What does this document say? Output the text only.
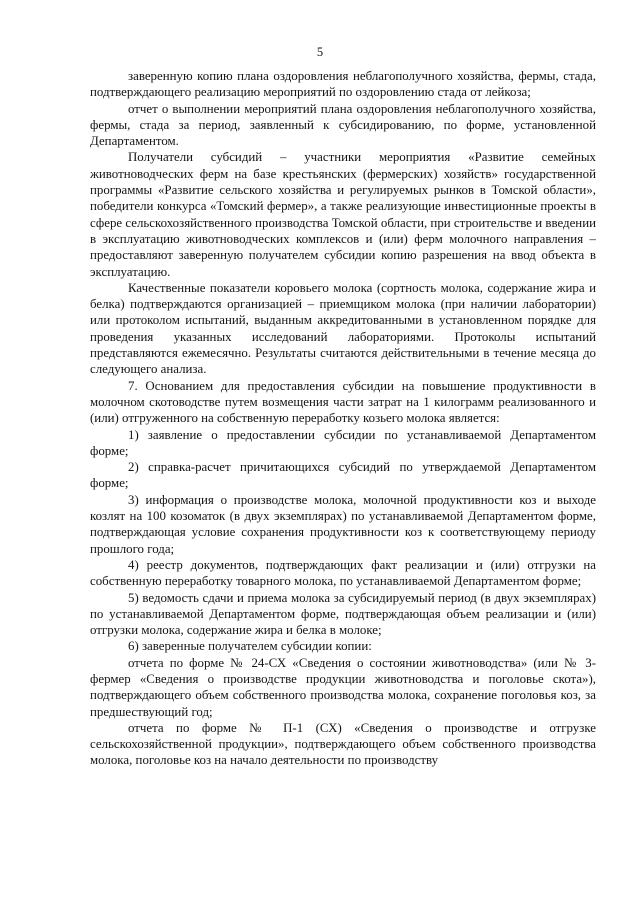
5

заверенную копию плана оздоровления неблагополучного хозяйства, фермы, стада, подтверждающего реализацию мероприятий по оздоровлению стада от лейкоза;

отчет о выполнении мероприятий плана оздоровления неблагополучного хозяйства, фермы, стада за период, заявленный к субсидированию, по форме, установленной Департаментом.

Получатели субсидий – участники мероприятия «Развитие семейных животноводческих ферм на базе крестьянских (фермерских) хозяйств» государственной программы «Развитие сельского хозяйства и регулируемых рынков в Томской области», победители конкурса «Томский фермер», а также реализующие инвестиционные проекты в сфере сельскохозяйственного производства Томской области, при строительстве и введении в эксплуатацию животноводческих комплексов и (или) ферм молочного направления – предоставляют заверенную получателем субсидии копию разрешения на ввод объекта в эксплуатацию.

Качественные показатели коровьего молока (сортность молока, содержание жира и белка) подтверждаются организацией – приемщиком молока (при наличии лаборатории) или протоколом испытаний, выданным аккредитованными в установленном порядке для проведения указанных исследований лабораториями. Протоколы испытаний представляются ежемесячно. Результаты считаются действительными в течение месяца до следующего анализа.

7. Основанием для предоставления субсидии на повышение продуктивности в молочном скотоводстве путем возмещения части затрат на 1 килограмм реализованного и (или) отгруженного на собственную переработку козьего молока является:

1) заявление о предоставлении субсидии по устанавливаемой Департаментом форме;

2) справка-расчет причитающихся субсидий по утверждаемой Департаментом форме;

3) информация о производстве молока, молочной продуктивности коз и выходе козлят на 100 козоматок (в двух экземплярах) по устанавливаемой Департаментом форме, подтверждающая условие сохранения продуктивности коз к соответствующему периоду прошлого года;

4) реестр документов, подтверждающих факт реализации и (или) отгрузки на собственную переработку товарного молока, по устанавливаемой Департаментом форме;

5) ведомость сдачи и приема молока за субсидируемый период (в двух экземплярах) по устанавливаемой Департаментом форме, подтверждающая объем реализации и (или) отгрузки молока, содержание жира и белка в молоке;

6) заверенные получателем субсидии копии:

отчета по форме № 24-СХ «Сведения о состоянии животноводства» (или № 3-фермер «Сведения о производстве продукции животноводства и поголовье скота»), подтверждающего объем собственного производства молока, сохранение поголовья коз, за предшествующий год;

отчета по форме № П-1 (СХ) «Сведения о производстве и отгрузке сельскохозяйственной продукции», подтверждающего объем собственного производства молока, поголовье коз на начало деятельности по производству
